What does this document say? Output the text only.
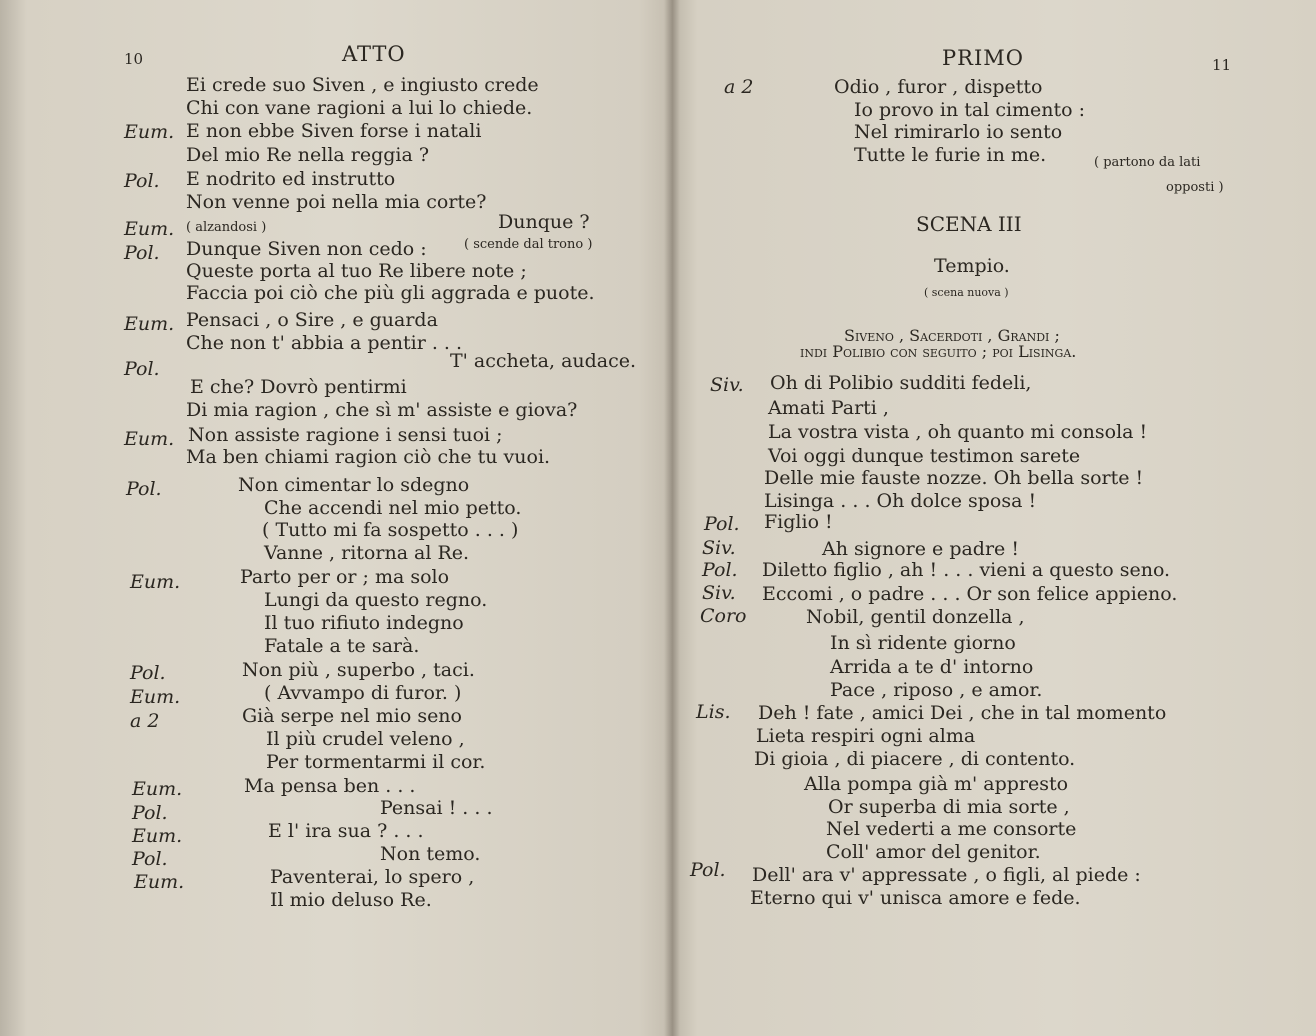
10	ATTO
Ei crede suo Siven , e ingiusto crede
Chi con vane ragioni a lui lo chiede.
Eum. E non ebbe Siven forse i natali
Del mio Re nella reggia ?
Pol. E nodrito ed instrutto
Non venne poi nella mia corte?
Eum. ( alzandosi )	Dunque ?
Pol. Dunque Siven non cedo :	( scende dal trono )
Queste porta al tuo Re libere note ;
Faccia poi ciò che più gli aggrada e puote.
Eum. Pensaci , o Sire , e guarda
Che non t' abbia a pentir . . .
Pol.	T' accheta, audace.
E che? Dovrò pentirmi
Di mia ragion , che sì m' assiste e giova?
Eum. Non assiste ragione i sensi tuoi ;
Ma ben chiami ragion ciò che tu vuoi.
Pol.	Non cimentar lo sdegno
Che accendi nel mio petto.
( Tutto mi fa sospetto . . . )
Vanne , ritorna al Re.
Eum.	Parto per or ; ma solo
Lungi da questo regno.
Il tuo rifiuto indegno
Fatale a te sarà.
Pol.	Non più , superbo , taci.
Eum.	( Avvampo di furor. )
a 2	Già serpe nel mio seno
Il più crudel veleno ,
Per tormentarmi il cor.
Eum.	Ma pensa ben . . .
Pol.	Pensai ! . . .
Eum.	E l' ira sua ? . . .
Pol.	Non temo.
Eum.	Paventerai, lo spero ,
Il mio deluso Re.
PRIMO	11
a 2	Odio , furor , dispetto
Io provo in tal cimento :
Nel rimirarlo io sento
Tutte le furie in me.	( partono da lati
opposti )
SCENA III
Tempio.
( scena nuova )
Siveno , Sacerdoti , Grandi ;
indi Polibio con seguito ; poi Lisinga.
Siv. Oh di Polibio sudditi fedeli,
Amati Parti ,
La vostra vista , oh quanto mi consola !
Voi oggi dunque testimon sarete
Delle mie fauste nozze. Oh bella sorte !
Lisinga . . . Oh dolce sposa !
Pol. Figlio !
Siv.	Ah signore e padre !
Pol. Diletto figlio , ah ! . . . vieni a questo seno.
Siv. Eccomi , o padre . . . Or son felice appieno.
Coro	Nobil, gentil donzella ,
In sì ridente giorno
Arrida a te d' intorno
Pace , riposo , e amor.
Lis. Deh ! fate , amici Dei , che in tal momento
Lieta respiri ogni alma
Di gioia , di piacere , di contento.
Alla pompa già m' appresto
Or superba di mia sorte ,
Nel vederti a me consorte
Coll' amor del genitor.
Pol. Dell' ara v' appressate , o figli, al piede :
Eterno qui v' unisca amore e fede.
